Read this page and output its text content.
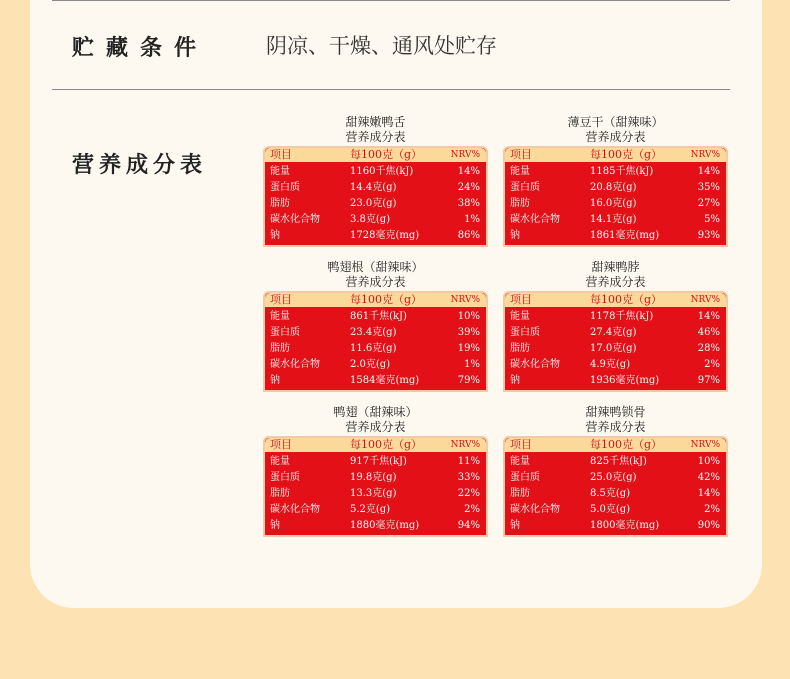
贮藏条件	阴凉、干燥、通风处贮存
营养成分表
甜辣嫩鸭舌
营养成分表
项目	每100克（g）	NRV%
能量	1160千焦(kJ)	14%
蛋白质	14.4克(g)	24%
脂肪	23.0克(g)	38%
碳水化合物	3.8克(g)	1%
钠	1728毫克(mg)	86%
薄豆干（甜辣味）
营养成分表
项目	每100克（g）	NRV%
能量	1185千焦(kJ)	14%
蛋白质	20.8克(g)	35%
脂肪	16.0克(g)	27%
碳水化合物	14.1克(g)	5%
钠	1861毫克(mg)	93%
鸭翅根（甜辣味）
营养成分表
项目	每100克（g）	NRV%
能量	861千焦(kJ)	10%
蛋白质	23.4克(g)	39%
脂肪	11.6克(g)	19%
碳水化合物	2.0克(g)	1%
钠	1584毫克(mg)	79%
甜辣鸭脖
营养成分表
项目	每100克（g）	NRV%
能量	1178千焦(kJ)	14%
蛋白质	27.4克(g)	46%
脂肪	17.0克(g)	28%
碳水化合物	4.9克(g)	2%
钠	1936毫克(mg)	97%
鸭翅（甜辣味）
营养成分表
项目	每100克（g）	NRV%
能量	917千焦(kJ)	11%
蛋白质	19.8克(g)	33%
脂肪	13.3克(g)	22%
碳水化合物	5.2克(g)	2%
钠	1880毫克(mg)	94%
甜辣鸭锁骨
营养成分表
项目	每100克（g）	NRV%
能量	825千焦(kJ)	10%
蛋白质	25.0克(g)	42%
脂肪	8.5克(g)	14%
碳水化合物	5.0克(g)	2%
钠	1800毫克(mg)	90%
